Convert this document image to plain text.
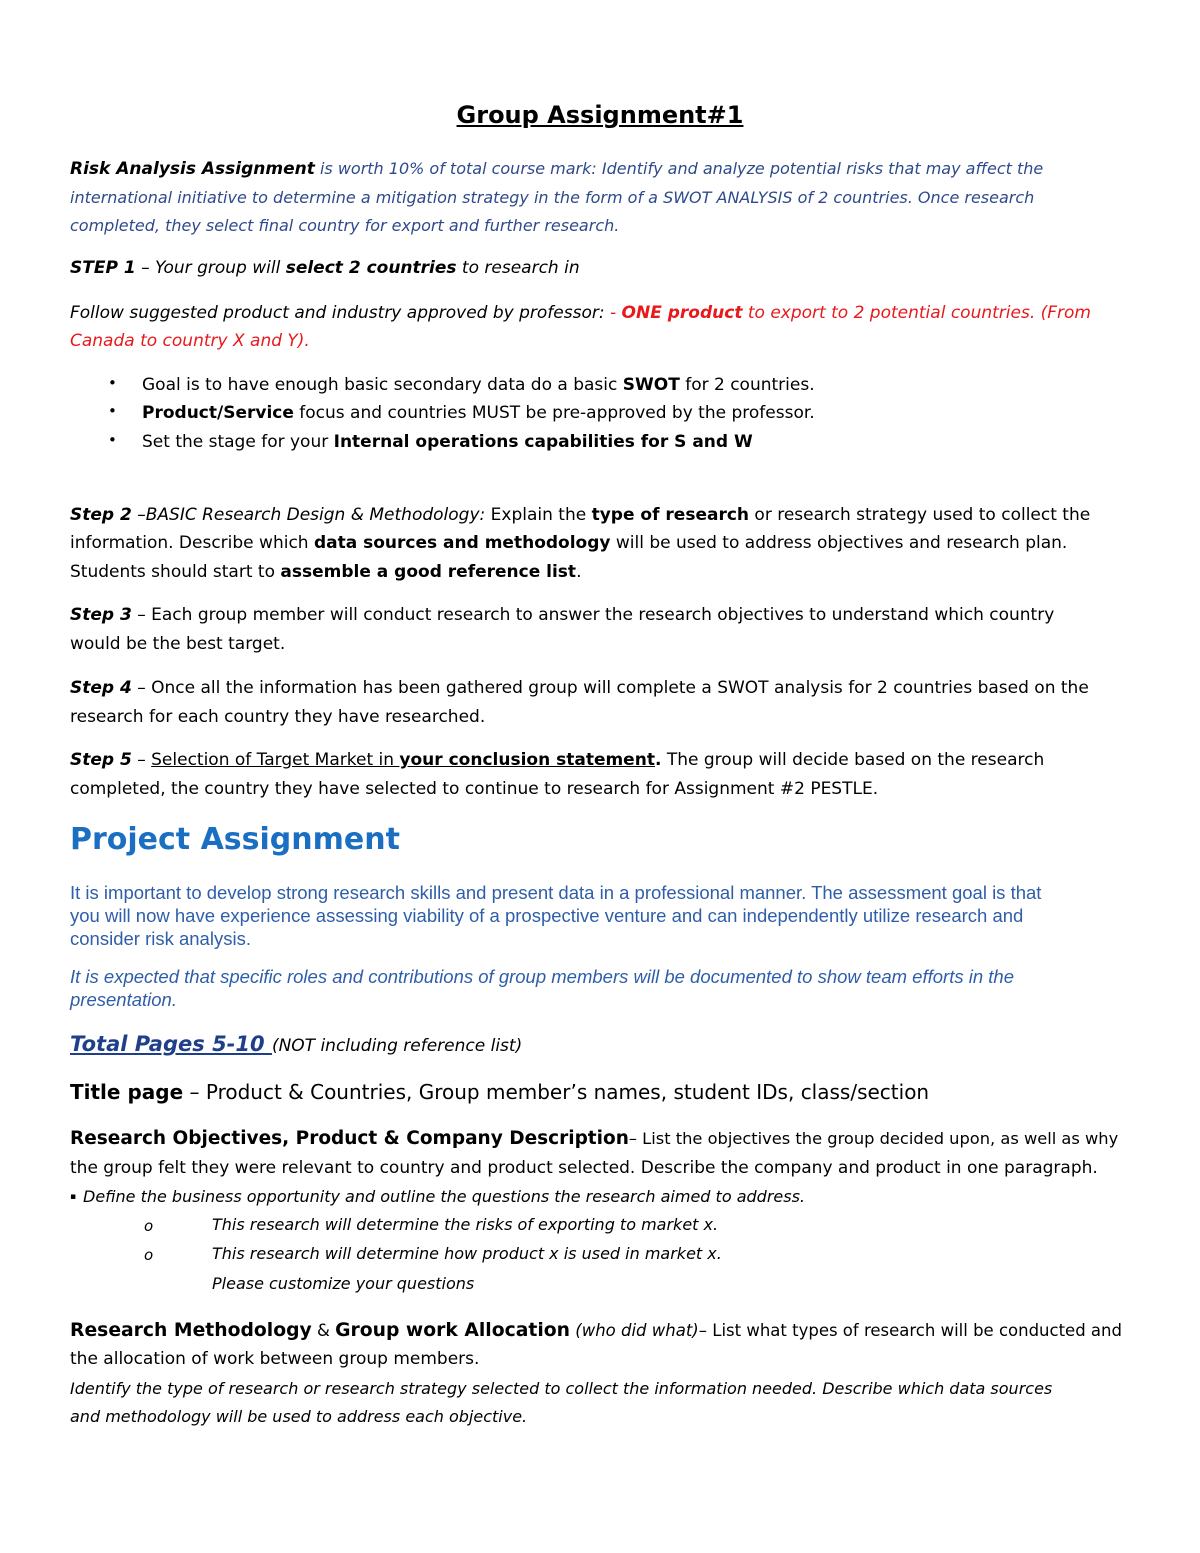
Group Assignment#1
Risk Analysis Assignment is worth 10% of total course mark: Identify and analyze potential risks that may affect the
international initiative to determine a mitigation strategy in the form of a SWOT ANALYSIS of 2 countries. Once research
completed, they select final country for export and further research.
STEP 1 – Your group will select 2 countries to research in
Follow suggested product and industry approved by professor: - ONE product to export to 2 potential countries. (From
Canada to country X and Y).
• Goal is to have enough basic secondary data do a basic SWOT for 2 countries.
• Product/Service focus and countries MUST be pre-approved by the professor.
• Set the stage for your Internal operations capabilities for S and W
Step 2 –BASIC Research Design & Methodology: Explain the type of research or research strategy used to collect the
information. Describe which data sources and methodology will be used to address objectives and research plan.
Students should start to assemble a good reference list.
Step 3 – Each group member will conduct research to answer the research objectives to understand which country
would be the best target.
Step 4 – Once all the information has been gathered group will complete a SWOT analysis for 2 countries based on the
research for each country they have researched.
Step 5 – Selection of Target Market in your conclusion statement. The group will decide based on the research
completed, the country they have selected to continue to research for Assignment #2 PESTLE.
Project Assignment
It is important to develop strong research skills and present data in a professional manner. The assessment goal is that
you will now have experience assessing viability of a prospective venture and can independently utilize research and
consider risk analysis.
It is expected that specific roles and contributions of group members will be documented to show team efforts in the
presentation.
Total Pages 5-10 (NOT including reference list)
Title page – Product & Countries, Group member’s names, student IDs, class/section
Research Objectives, Product & Company Description– List the objectives the group decided upon, as well as why
the group felt they were relevant to country and product selected. Describe the company and product in one paragraph.
▪ Define the business opportunity and outline the questions the research aimed to address.
o	This research will determine the risks of exporting to market x.
o	This research will determine how product x is used in market x.
Please customize your questions
Research Methodology & Group work Allocation (who did what)– List what types of research will be conducted and
the allocation of work between group members.
Identify the type of research or research strategy selected to collect the information needed. Describe which data sources
and methodology will be used to address each objective.
